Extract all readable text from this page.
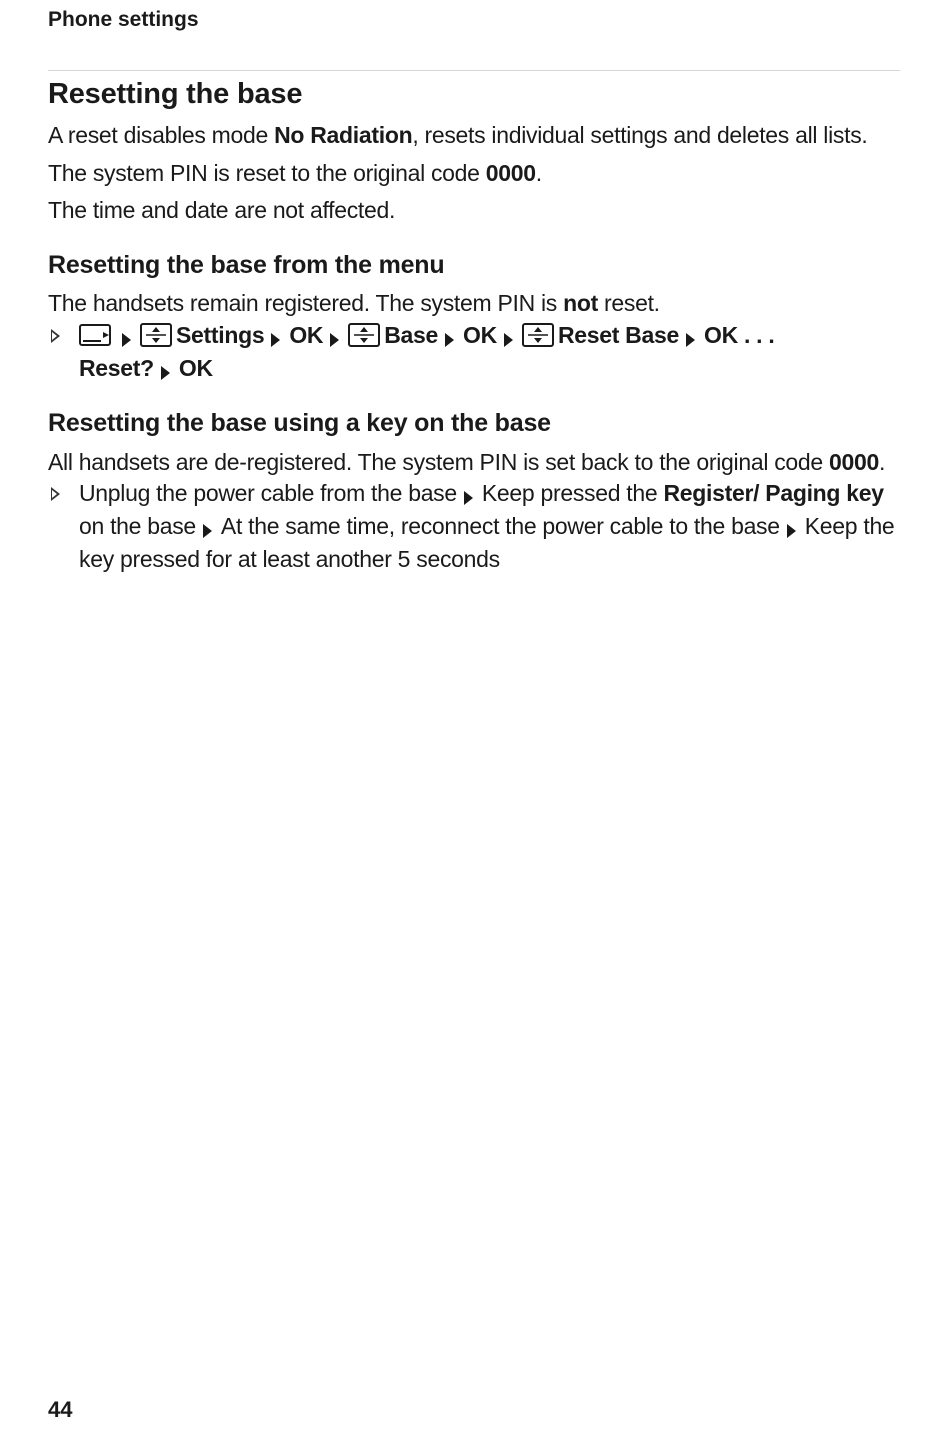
Phone settings
Resetting the base

A reset disables mode No Radiation, resets individual settings and deletes all lists.

The system PIN is reset to the original code 0000.

The time and date are not affected.

Resetting the base from the menu

The handsets remain registered. The system PIN is not reset.

Settings OK	Base OK	Reset Base OK . . .
Reset? OK
Resetting the base using a key on the base

All handsets are de-registered. The system PIN is set back to the original code 0000.

Unplug the power cable from the base Keep pressed the Register/ Paging key on the base At the same time, reconnect the power cable to the base Keep the key pressed for at least another 5 seconds
44
